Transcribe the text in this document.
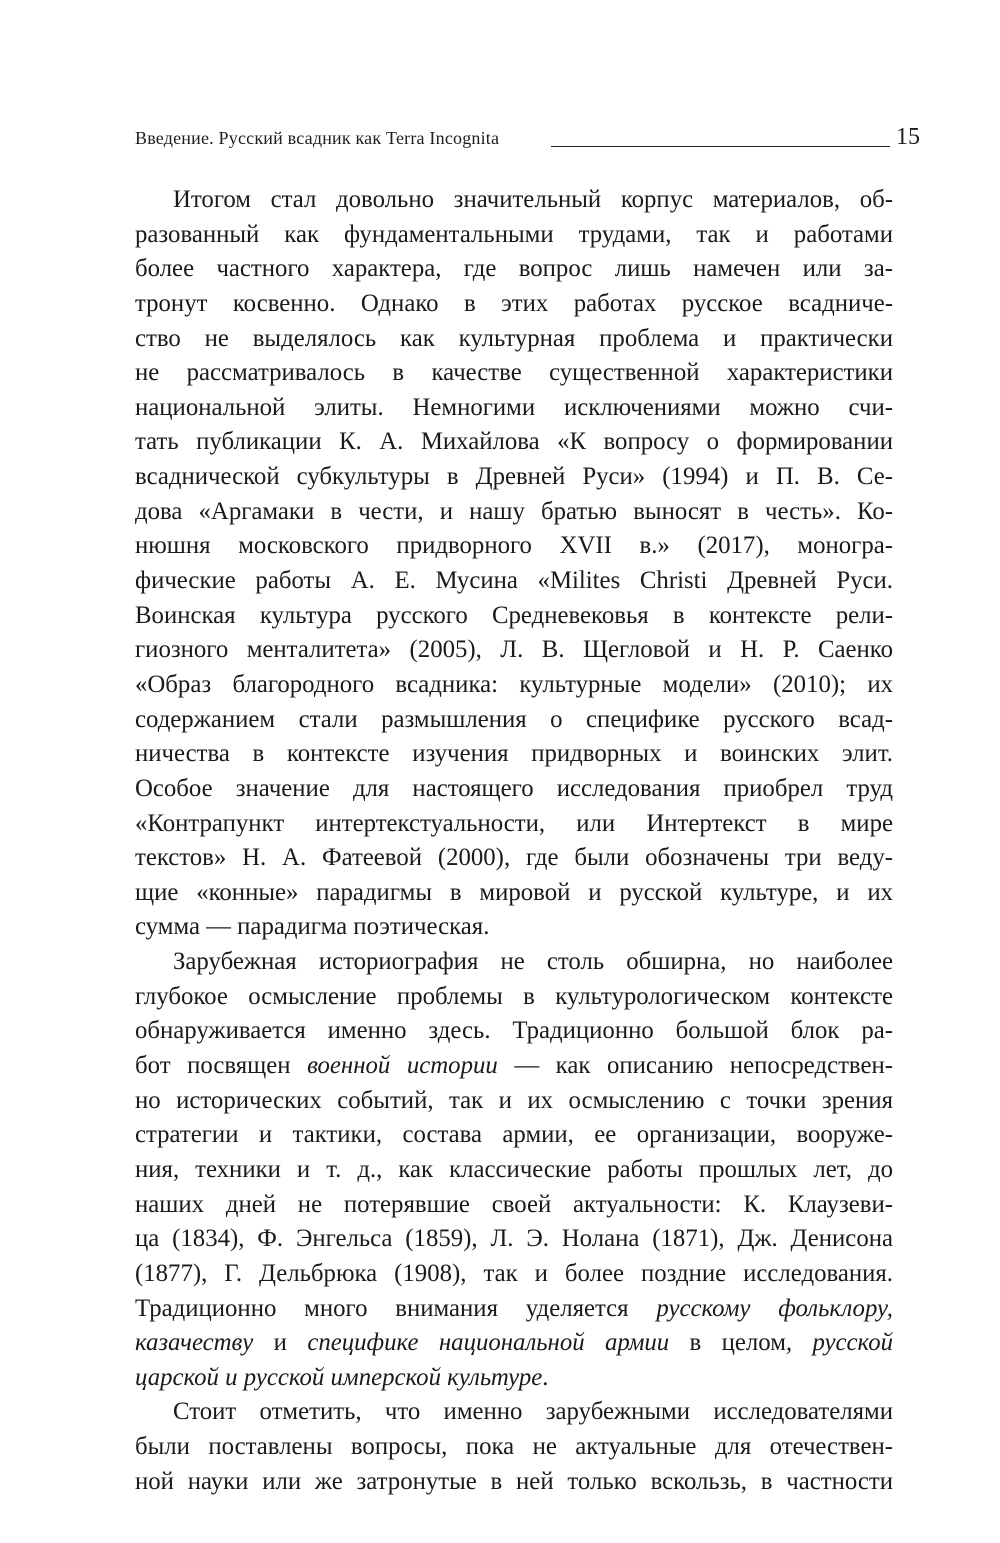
Введение. Русский всадник как Terra Incognita	15
Итогом стал довольно значительный корпус материалов, об-
разованный как фундаментальными трудами, так и работами
более частного характера, где вопрос лишь намечен или за-
тронут косвенно. Однако в этих работах русское всадниче-
ство не выделялось как культурная проблема и практически
не рассматривалось в качестве существенной характеристики
национальной элиты. Немногими исключениями можно счи-
тать публикации К. А. Михайлова «К вопросу о формировании
всаднической субкультуры в Древней Руси» (1994) и П. В. Се-
дова «Аргамаки в чести, и нашу братью выносят в честь». Ко-
нюшня московского придворного XVII в.» (2017), моногра-
фические работы А. Е. Мусина «Milites Christi Древней Руси.
Воинская культура русского Средневековья в контексте рели-
гиозного менталитета» (2005), Л. В. Щегловой и Н. Р. Саенко
«Образ благородного всадника: культурные модели» (2010); их
содержанием стали размышления о специфике русского всад-
ничества в контексте изучения придворных и воинских элит.
Особое значение для настоящего исследования приобрел труд
«Контрапункт интертекстуальности, или Интертекст в мире
текстов» Н. А. Фатеевой (2000), где были обозначены три веду-
щие «конные» парадигмы в мировой и русской культуре, и их
сумма — парадигма поэтическая.
Зарубежная историография не столь обширна, но наиболее
глубокое осмысление проблемы в культурологическом контексте
обнаруживается именно здесь. Традиционно большой блок ра-
бот посвящен военной истории — как описанию непосредствен-
но исторических событий, так и их осмыслению с точки зрения
стратегии и тактики, состава армии, ее организации, вооруже-
ния, техники и т. д., как классические работы прошлых лет, до
наших дней не потерявшие своей актуальности: К. Клаузеви-
ца (1834), Ф. Энгельса (1859), Л. Э. Нолана (1871), Дж. Денисона
(1877), Г. Дельбрюка (1908), так и более поздние исследования.
Традиционно много внимания уделяется русскому фольклору,
казачеству и специфике национальной армии в целом, русской
царской и русской имперской культуре.
Стоит отметить, что именно зарубежными исследователями
были поставлены вопросы, пока не актуальные для отечествен-
ной науки или же затронутые в ней только вскользь, в частности
